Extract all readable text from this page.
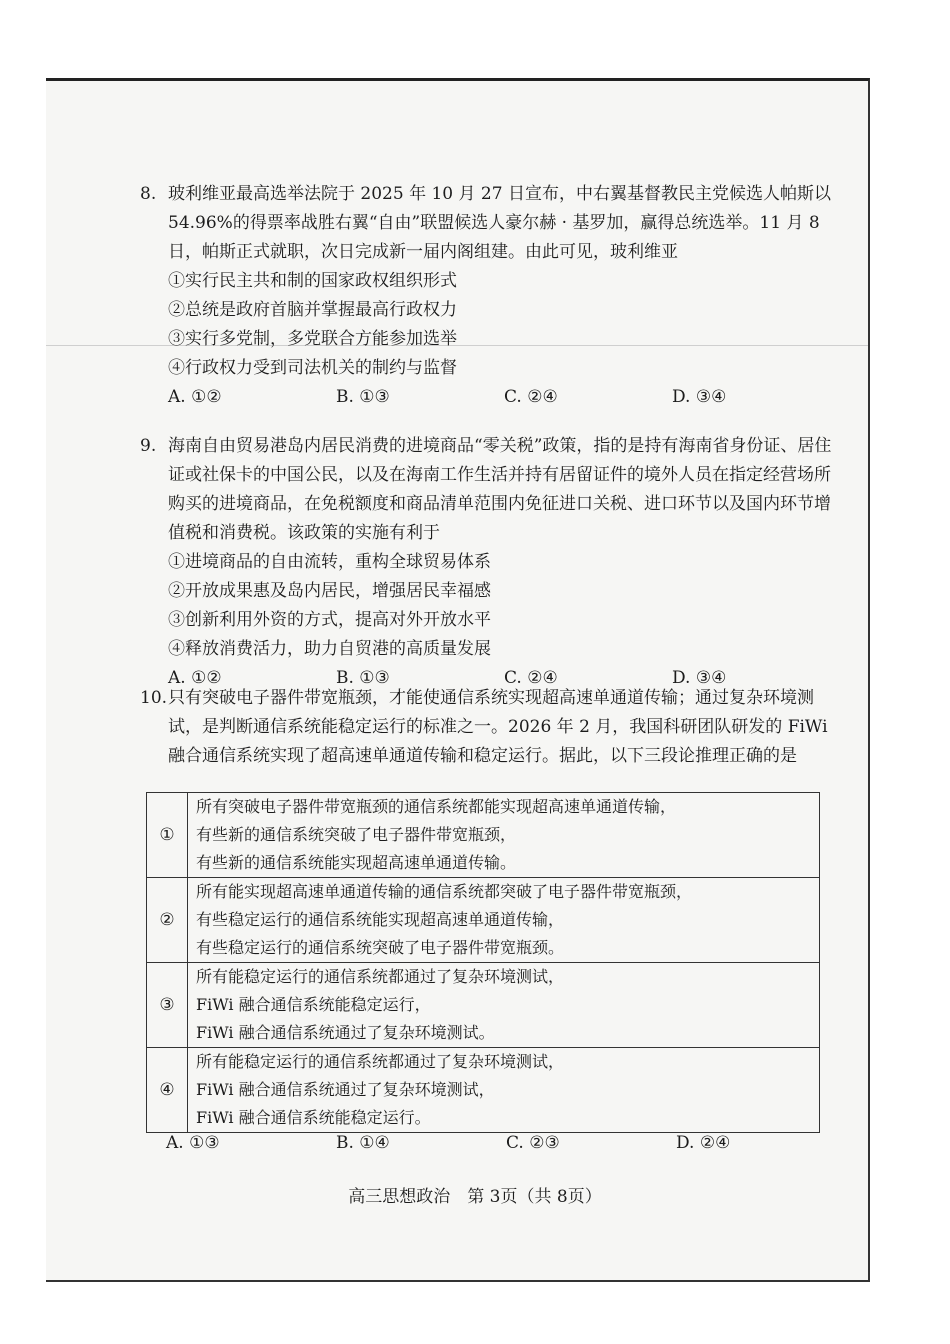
8. 玻利维亚最高选举法院于 2025 年 10 月 27 日宣布，中右翼基督教民主党候选人帕斯以 54.96%的得票率战胜右翼“自由”联盟候选人豪尔赫 · 基罗加，赢得总统选举。11 月 8 日，帕斯正式就职，次日完成新一届内阁组建。由此可见，玻利维亚

①实行民主共和制的国家政权组织形式

②总统是政府首脑并掌握最高行政权力

③实行多党制，多党联合方能参加选举

④行政权力受到司法机关的制约与监督

A. ①②	B. ①③	C. ②④	D. ③④
9. 海南自由贸易港岛内居民消费的进境商品“零关税”政策，指的是持有海南省身份证、居住证或社保卡的中国公民，以及在海南工作生活并持有居留证件的境外人员在指定经营场所购买的进境商品，在免税额度和商品清单范围内免征进口关税、进口环节以及国内环节增值税和消费税。该政策的实施有利于

①进境商品的自由流转，重构全球贸易体系

②开放成果惠及岛内居民，增强居民幸福感

③创新利用外资的方式，提高对外开放水平

④释放消费活力，助力自贸港的高质量发展

A. ①②	B. ①③	C. ②④	D. ③④
10. 只有突破电子器件带宽瓶颈，才能使通信系统实现超高速单通道传输；通过复杂环境测试，是判断通信系统能稳定运行的标准之一。2026 年 2 月，我国科研团队研发的 FiWi 融合通信系统实现了超高速单通道传输和稳定运行。据此，以下三段论推理正确的是

①	所有突破电子器件带宽瓶颈的通信系统都能实现超高速单通道传输，
有些新的通信系统突破了电子器件带宽瓶颈，
有些新的通信系统能实现超高速单通道传输。

②	所有能实现超高速单通道传输的通信系统都突破了电子器件带宽瓶颈，
有些稳定运行的通信系统能实现超高速单通道传输，
有些稳定运行的通信系统突破了电子器件带宽瓶颈。

③	所有能稳定运行的通信系统都通过了复杂环境测试，
FiWi 融合通信系统能稳定运行，
FiWi 融合通信系统通过了复杂环境测试。

④	所有能稳定运行的通信系统都通过了复杂环境测试，
FiWi 融合通信系统通过了复杂环境测试，
FiWi 融合通信系统能稳定运行。
A. ①③	B. ①④	C. ②③	D. ②④
高三思想政治　第 3页（共 8页）
